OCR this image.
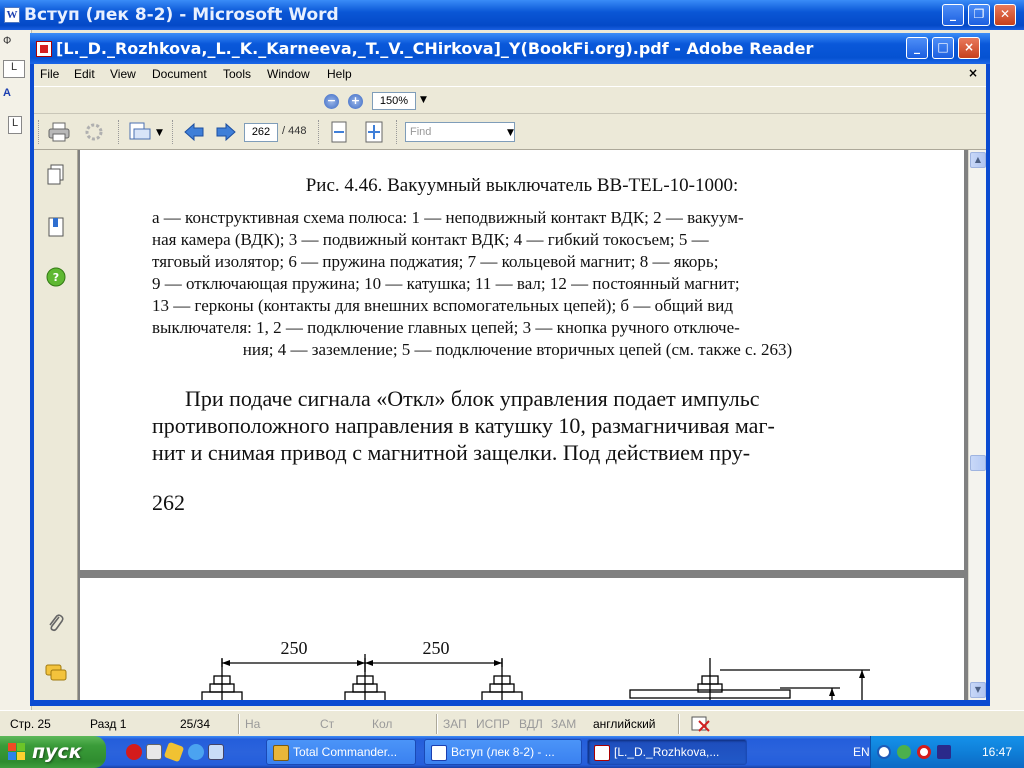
W Вступ (лек 8-2) - Microsoft Word	_	❐	✕
Ф
L
A
L
[L._D._Rozhkova,_L._K._Karneeva,_T._V._CHirkova]_Y(BookFi.org).pdf - Adobe Reader	_	□	×
File Edit View Document Tools Window Help	×
− +	150%	▼
▼	262	/ 448	Find	▼
?
Рис. 4.46. Вакуумный выключатель ВВ-TEL-10-1000:
а — конструктивная схема полюса: 1 — неподвижный контакт ВДК; 2 — вакуум-
ная камера (ВДК); 3 — подвижный контакт ВДК; 4 — гибкий токосъем; 5 —
тяговый изолятор; 6 — пружина поджатия; 7 — кольцевой магнит; 8 — якорь;
9 — отключающая пружина; 10 — катушка; 11 — вал; 12 — постоянный магнит;
13 — герконы (контакты для внешних вспомогательных цепей); б — общий вид
выключателя: 1, 2 — подключение главных цепей; 3 — кнопка ручного отключе-
ния; 4 — заземление; 5 — подключение вторичных цепей (см. также с. 263)
При подаче сигнала «Откл» блок управления подает импульс
противоположного направления в катушку 10, размагничивая маг-
нит и снимая привод с магнитной защелки. Под действием пру-
262
250	250
▲
▼
Стр. 25	Разд 1	25/34	На	Ст	Кол	ЗАП ИСПР ВДЛ ЗАМ английский
пуск	Total Commander...	Вступ (лек 8-2) - ...	[L._D._Rozhkova,...	EN	16:47
